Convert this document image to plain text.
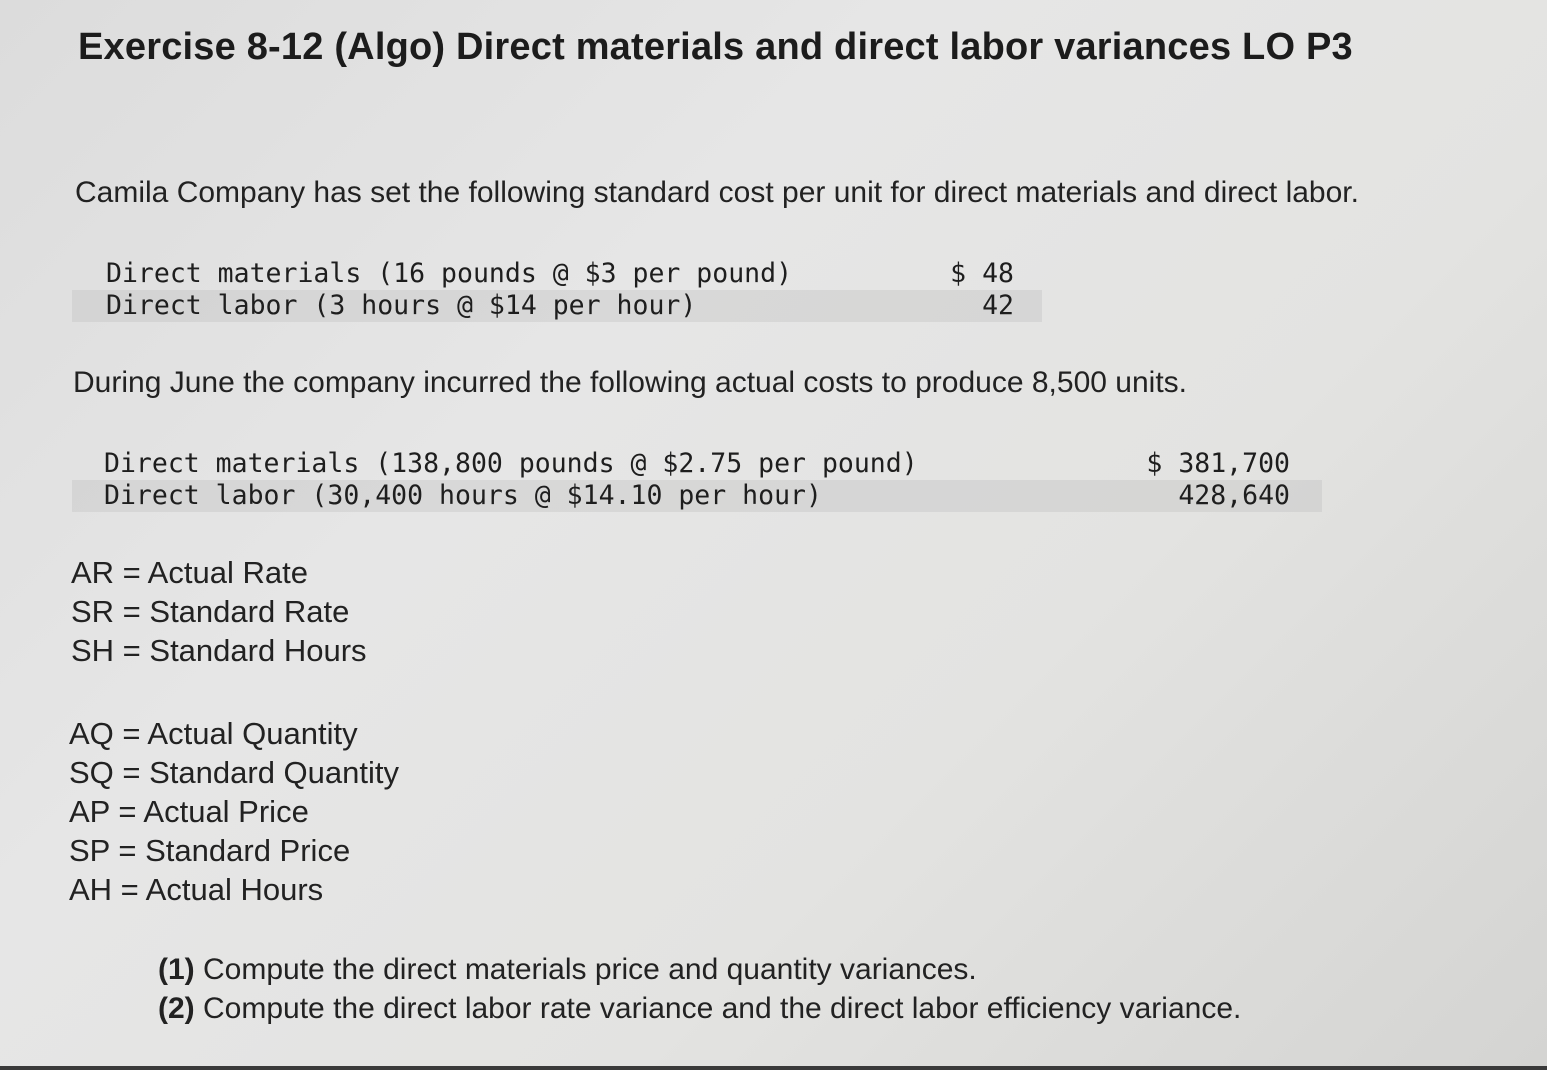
Exercise 8-12 (Algo) Direct materials and direct labor variances LO P3
Camila Company has set the following standard cost per unit for direct materials and direct labor.
Direct materials (16 pounds @ $3 per pound)	$ 48
Direct labor (3 hours @ $14 per hour)	42
During June the company incurred the following actual costs to produce 8,500 units.
Direct materials (138,800 pounds @ $2.75 per pound)	$ 381,700
Direct labor (30,400 hours @ $14.10 per hour)	428,640
AR = Actual Rate
SR = Standard Rate
SH = Standard Hours
AQ = Actual Quantity
SQ = Standard Quantity
AP = Actual Price
SP = Standard Price
AH = Actual Hours
(1) Compute the direct materials price and quantity variances.
(2) Compute the direct labor rate variance and the direct labor efficiency variance.
